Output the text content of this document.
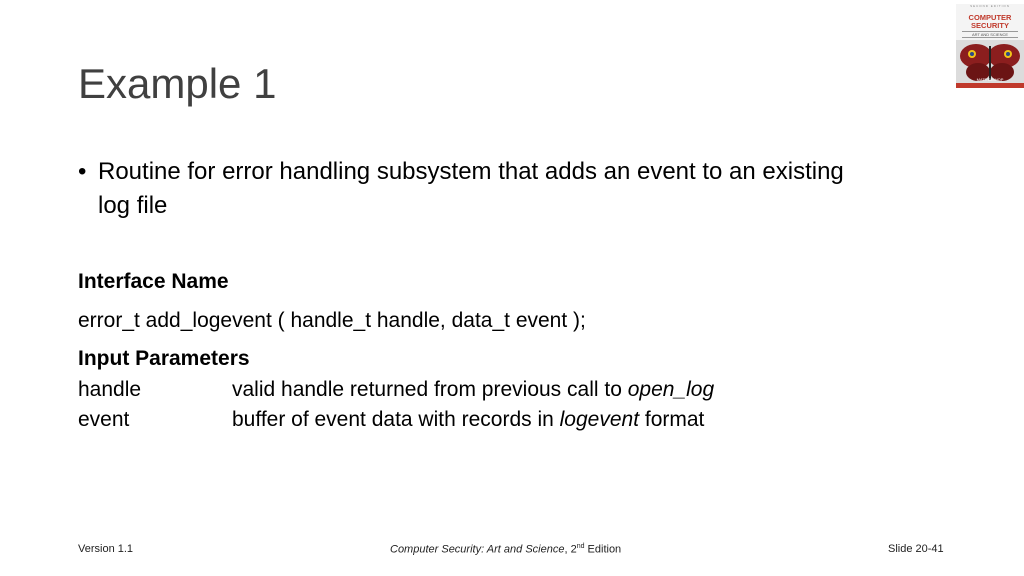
Example 1
• Routine for error handling subsystem that adds an event to an existing log file
Interface Name
error_t add_logevent ( handle_t handle, data_t event );
Input Parameters
handle	valid handle returned from previous call to open_log
event	buffer of event data with records in logevent format
SECOND EDITION
COMPUTER
SECURITY
ART AND SCIENCE
MATT BISHOP
Version 1.1	Computer Security: Art and Science, 2nd Edition	Slide 20-41
